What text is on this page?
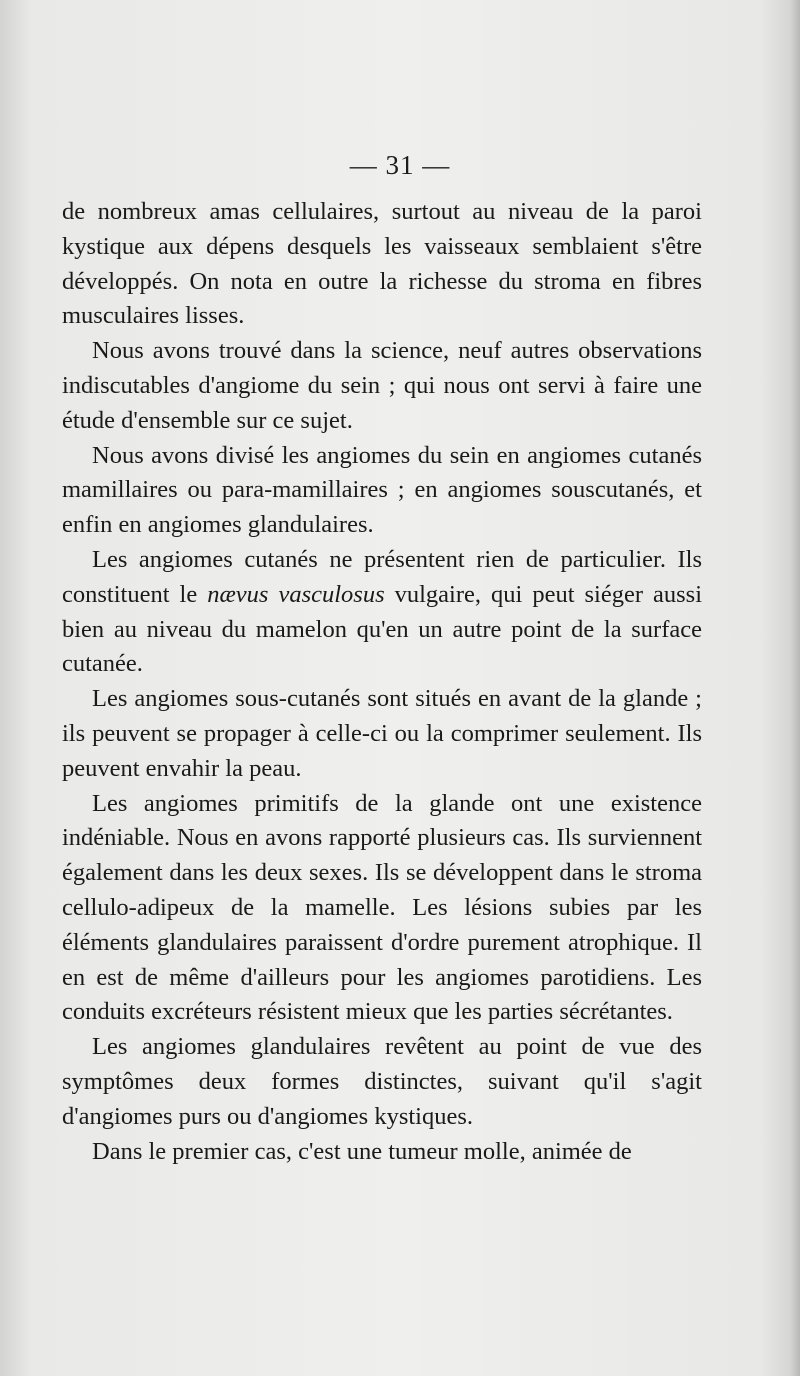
— 31 —

de nombreux amas cellulaires, surtout au niveau de la paroi kystique aux dépens desquels les vaisseaux semblaient s'être développés. On nota en outre la richesse du stroma en fibres musculaires lisses.

Nous avons trouvé dans la science, neuf autres observations indiscutables d'angiome du sein ; qui nous ont servi à faire une étude d'ensemble sur ce sujet.

Nous avons divisé les angiomes du sein en angiomes cutanés mamillaires ou para-mamillaires ; en angiomes souscutanés, et enfin en angiomes glandulaires.

Les angiomes cutanés ne présentent rien de particulier. Ils constituent le nævus vasculosus vulgaire, qui peut siéger aussi bien au niveau du mamelon qu'en un autre point de la surface cutanée.

Les angiomes sous-cutanés sont situés en avant de la glande ; ils peuvent se propager à celle-ci ou la comprimer seulement. Ils peuvent envahir la peau.

Les angiomes primitifs de la glande ont une existence indéniable. Nous en avons rapporté plusieurs cas. Ils surviennent également dans les deux sexes. Ils se développent dans le stroma cellulo-adipeux de la mamelle. Les lésions subies par les éléments glandulaires paraissent d'ordre purement atrophique. Il en est de même d'ailleurs pour les angiomes parotidiens. Les conduits excréteurs résistent mieux que les parties sécrétantes.

Les angiomes glandulaires revêtent au point de vue des symptômes deux formes distinctes, suivant qu'il s'agit d'angiomes purs ou d'angiomes kystiques.

Dans le premier cas, c'est une tumeur molle, animée de
